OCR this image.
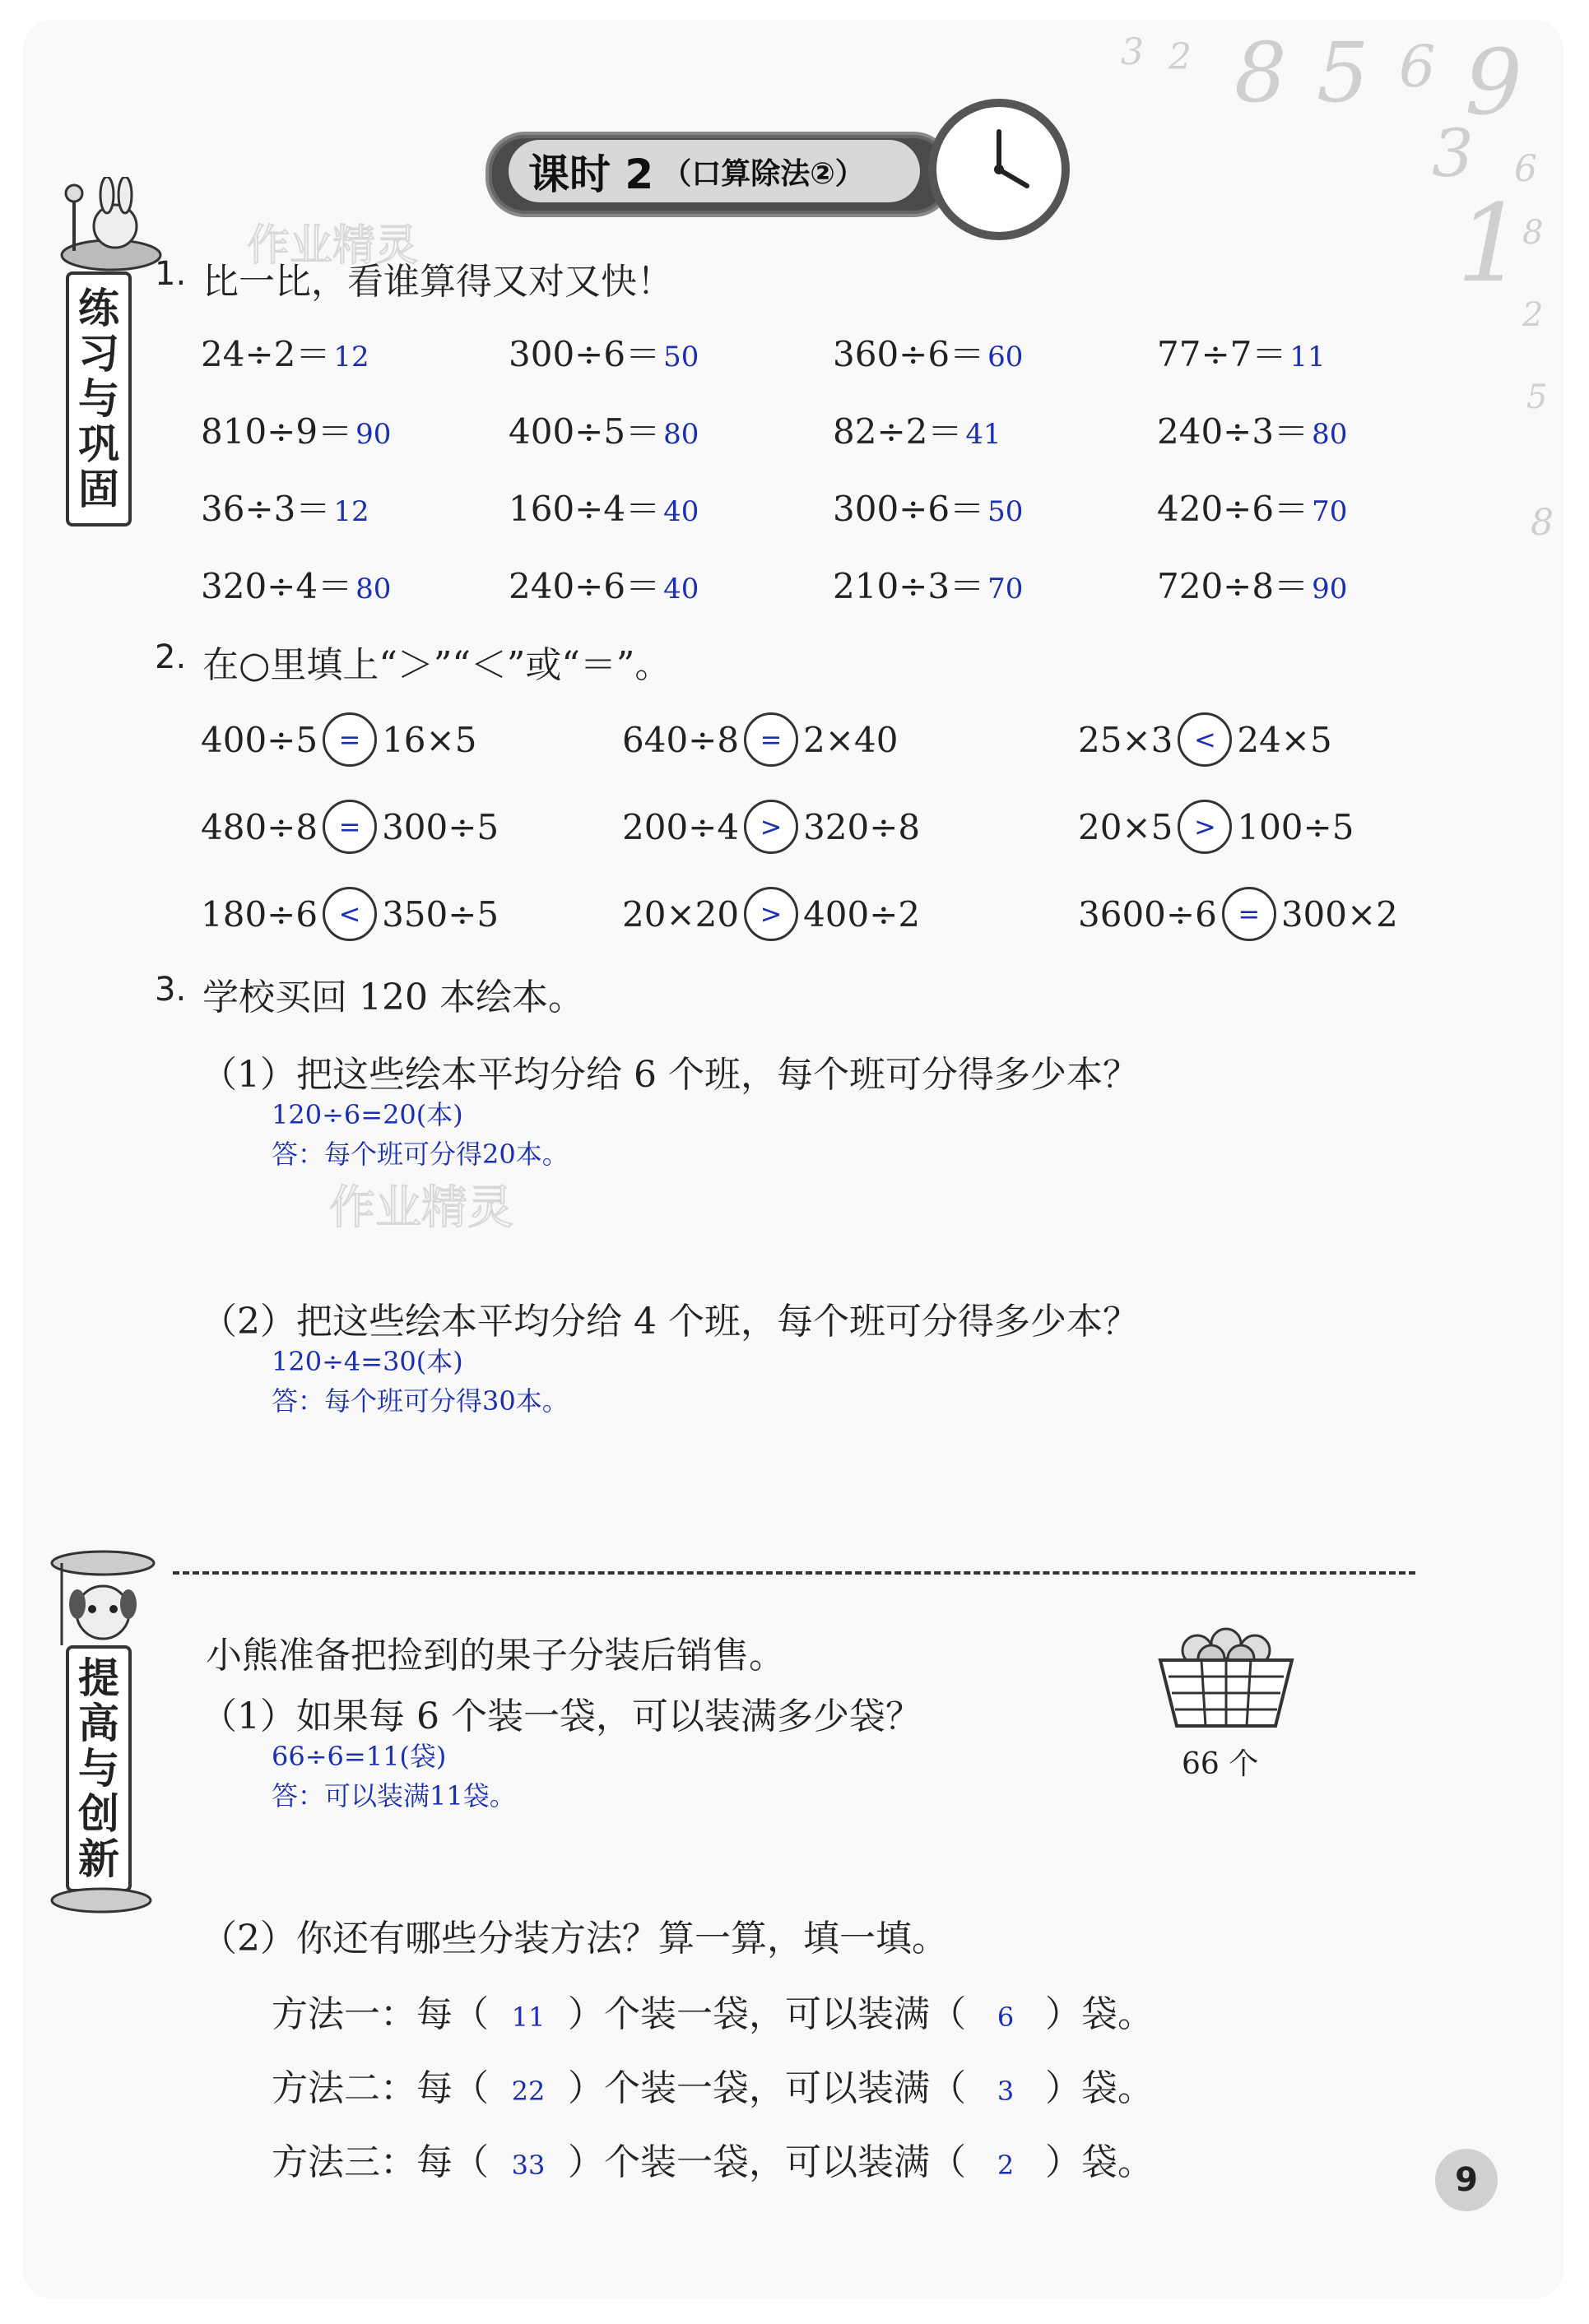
3 2 8 5 6 9
3 6
1
8
2
5
8
课时 2 （口算除法②）
作业精灵
练
习
与
巩
固
1. 比一比，看谁算得又对又快！
24÷2＝ 12	300÷6＝ 50	360÷6＝ 60	77÷7＝ 11
810÷9＝ 90	400÷5＝ 80	82÷2＝ 41	240÷3＝ 80
36÷3＝ 12	160÷4＝ 40	300÷6＝ 50	420÷6＝ 70
320÷4＝ 80	240÷6＝ 40	210÷3＝ 70	720÷8＝ 90
2. 在○里填上“＞”“＜”或“＝”。
400÷5 = 16×5	640÷8 = 2×40	25×3 < 24×5
480÷8 = 300÷5	200÷4 > 320÷8	20×5 > 100÷5
180÷6 < 350÷5	20×20 > 400÷2	3600÷6 = 300×2
3. 学校买回 120 本绘本。
（1）把这些绘本平均分给 6 个班，每个班可分得多少本？
120÷6=20(本)
答：每个班可分得20本。
作业精灵
（2）把这些绘本平均分给 4 个班，每个班可分得多少本？
120÷4=30(本)
答：每个班可分得30本。
提
高
与
创
新
小熊准备把捡到的果子分装后销售。
66 个
（1）如果每 6 个装一袋，可以装满多少袋？
66÷6=11(袋)
答：可以装满11袋。
（2）你还有哪些分装方法？算一算，填一填。
方法一：每（ 11 ）个装一袋，可以装满（	6 ）袋。
方法二：每（ 22 ）个装一袋，可以装满（	3 ）袋。
方法三：每（ 33 ）个装一袋，可以装满（	2 ）袋。	9
